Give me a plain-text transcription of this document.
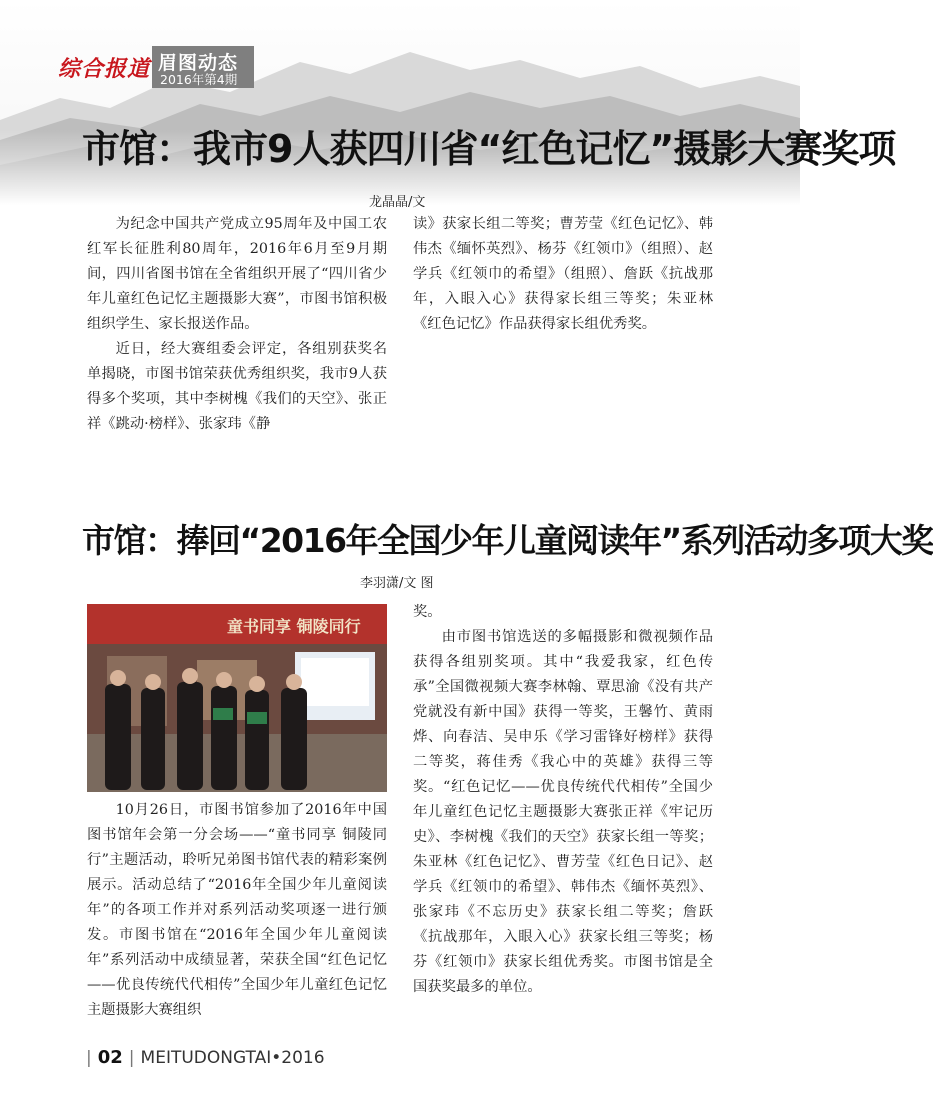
综合报道 眉图动态
2016年第4期
市馆：我市9人获四川省“红色记忆”摄影大赛奖项
龙晶晶/文

为纪念中国共产党成立95周年及中国工农红军长征胜利80周年，2016年6月至9月期间，四川省图书馆在全省组织开展了“四川省少年儿童红色记忆主题摄影大赛”，市图书馆积极组织学生、家长报送作品。

近日，经大赛组委会评定，各组别获奖名单揭晓，市图书馆荣获优秀组织奖，我市9人获得多个奖项，其中李树槐《我们的天空》、张正祥《跳动·榜样》、张家玮《静

读》获家长组二等奖；曹芳莹《红色记忆》、韩伟杰《缅怀英烈》、杨芬《红领巾》（组照）、赵学兵《红领巾的希望》（组照）、詹跃《抗战那年，入眼入心》获得家长组三等奖；朱亚林《红色记忆》作品获得家长组优秀奖。

市馆：捧回“2016年全国少年儿童阅读年”系列活动多项大奖
李羽潇/文 图
童书同享 铜陵同行

10月26日，市图书馆参加了2016年中国图书馆年会第一分会场——“童书同享 铜陵同行”主题活动，聆听兄弟图书馆代表的精彩案例展示。活动总结了“2016年全国少年儿童阅读年”的各项工作并对系列活动奖项逐一进行颁发。市图书馆在“2016年全国少年儿童阅读年”系列活动中成绩显著，荣获全国“红色记忆——优良传统代代相传”全国少年儿童红色记忆主题摄影大赛组织

奖。

由市图书馆选送的多幅摄影和微视频作品获得各组别奖项。其中“我爱我家，红色传承”全国微视频大赛李林翰、覃思渝《没有共产党就没有新中国》获得一等奖，王馨竹、黄雨烨、向春洁、吴申乐《学习雷锋好榜样》获得二等奖，蒋佳秀《我心中的英雄》获得三等奖。“红色记忆——优良传统代代相传”全国少年儿童红色记忆主题摄影大赛张正祥《牢记历史》、李树槐《我们的天空》获家长组一等奖；朱亚林《红色记忆》、曹芳莹《红色日记》、赵学兵《红领巾的希望》、韩伟杰《缅怀英烈》、张家玮《不忘历史》获家长组二等奖；詹跃《抗战那年，入眼入心》获家长组三等奖；杨芬《红领巾》获家长组优秀奖。市图书馆是全国获奖最多的单位。

| 02 | MEITUDONGTAI•2016
